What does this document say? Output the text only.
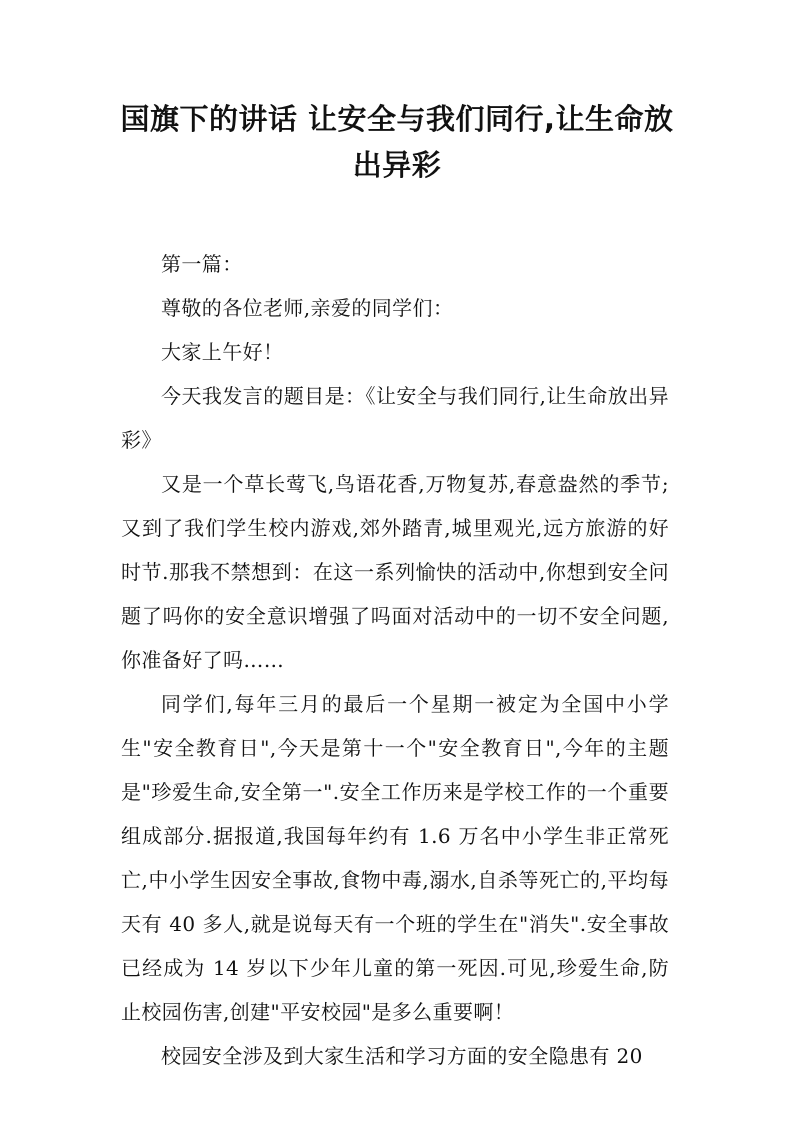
国旗下的讲话 让安全与我们同行,让生命放出异彩

第一篇：

尊敬的各位老师,亲爱的同学们：

大家上午好！

今天我发言的题目是：《让安全与我们同行,让生命放出异彩》

又是一个草长莺飞,鸟语花香,万物复苏,春意盎然的季节;又到了我们学生校内游戏,郊外踏青,城里观光,远方旅游的好时节.那我不禁想到：在这一系列愉快的活动中,你想到安全问题了吗你的安全意识增强了吗面对活动中的一切不安全问题,你准备好了吗……

同学们,每年三月的最后一个星期一被定为全国中小学生"安全教育日",今天是第十一个"安全教育日",今年的主题是"珍爱生命,安全第一".安全工作历来是学校工作的一个重要组成部分.据报道,我国每年约有 1.6 万名中小学生非正常死亡,中小学生因安全事故,食物中毒,溺水,自杀等死亡的,平均每天有 40 多人,就是说每天有一个班的学生在"消失".安全事故已经成为 14 岁以下少年儿童的第一死因.可见,珍爱生命,防止校园伤害,创建"平安校园"是多么重要啊！

校园安全涉及到大家生活和学习方面的安全隐患有 20
